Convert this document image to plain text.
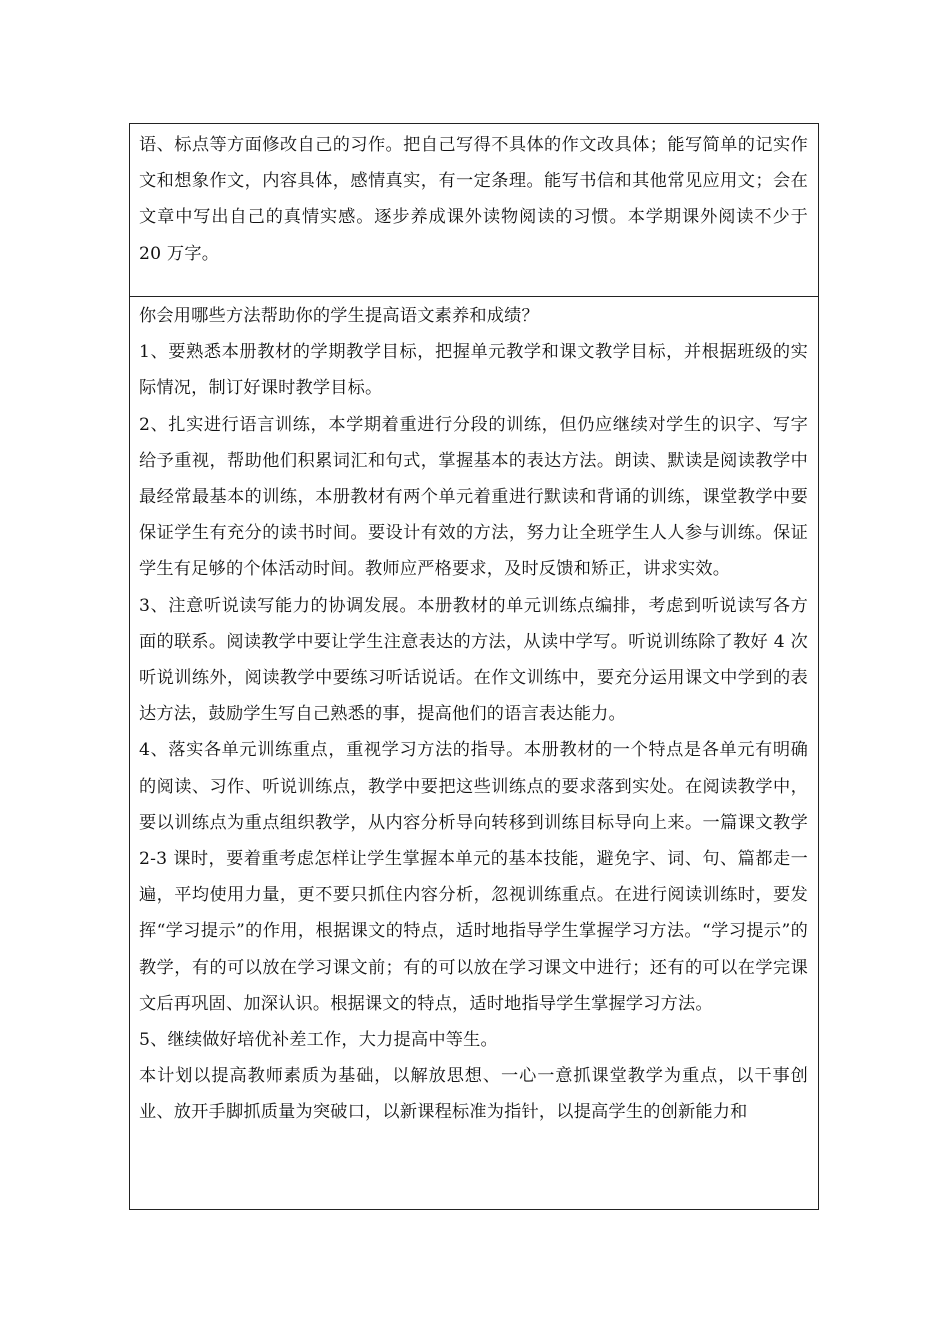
语、标点等方面修改自己的习作。把自己写得不具体的作文改具体；能写简单的记实作文和想象作文，内容具体，感情真实，有一定条理。能写书信和其他常见应用文；会在文章中写出自己的真情实感。逐步养成课外读物阅读的习惯。本学期课外阅读不少于 20 万字。

你会用哪些方法帮助你的学生提高语文素养和成绩？

1、要熟悉本册教材的学期教学目标，把握单元教学和课文教学目标，并根据班级的实际情况，制订好课时教学目标。

2、扎实进行语言训练，本学期着重进行分段的训练，但仍应继续对学生的识字、写字给予重视，帮助他们积累词汇和句式，掌握基本的表达方法。朗读、默读是阅读教学中最经常最基本的训练，本册教材有两个单元着重进行默读和背诵的训练，课堂教学中要保证学生有充分的读书时间。要设计有效的方法，努力让全班学生人人参与训练。保证学生有足够的个体活动时间。教师应严格要求，及时反馈和矫正，讲求实效。

3、注意听说读写能力的协调发展。本册教材的单元训练点编排，考虑到听说读写各方面的联系。阅读教学中要让学生注意表达的方法，从读中学写。听说训练除了教好 4 次听说训练外，阅读教学中要练习听话说话。在作文训练中，要充分运用课文中学到的表达方法，鼓励学生写自己熟悉的事，提高他们的语言表达能力。

4、落实各单元训练重点，重视学习方法的指导。本册教材的一个特点是各单元有明确的阅读、习作、听说训练点，教学中要把这些训练点的要求落到实处。在阅读教学中，要以训练点为重点组织教学，从内容分析导向转移到训练目标导向上来。一篇课文教学 2-3 课时，要着重考虑怎样让学生掌握本单元的基本技能，避免字、词、句、篇都走一遍，平均使用力量，更不要只抓住内容分析，忽视训练重点。在进行阅读训练时，要发挥“学习提示”的作用，根据课文的特点，适时地指导学生掌握学习方法。“学习提示”的教学，有的可以放在学习课文前；有的可以放在学习课文中进行；还有的可以在学完课文后再巩固、加深认识。根据课文的特点，适时地指导学生掌握学习方法。

5、继续做好培优补差工作，大力提高中等生。

本计划以提高教师素质为基础，以解放思想、一心一意抓课堂教学为重点，以干事创业、放开手脚抓质量为突破口，以新课程标准为指针，以提高学生的创新能力和
